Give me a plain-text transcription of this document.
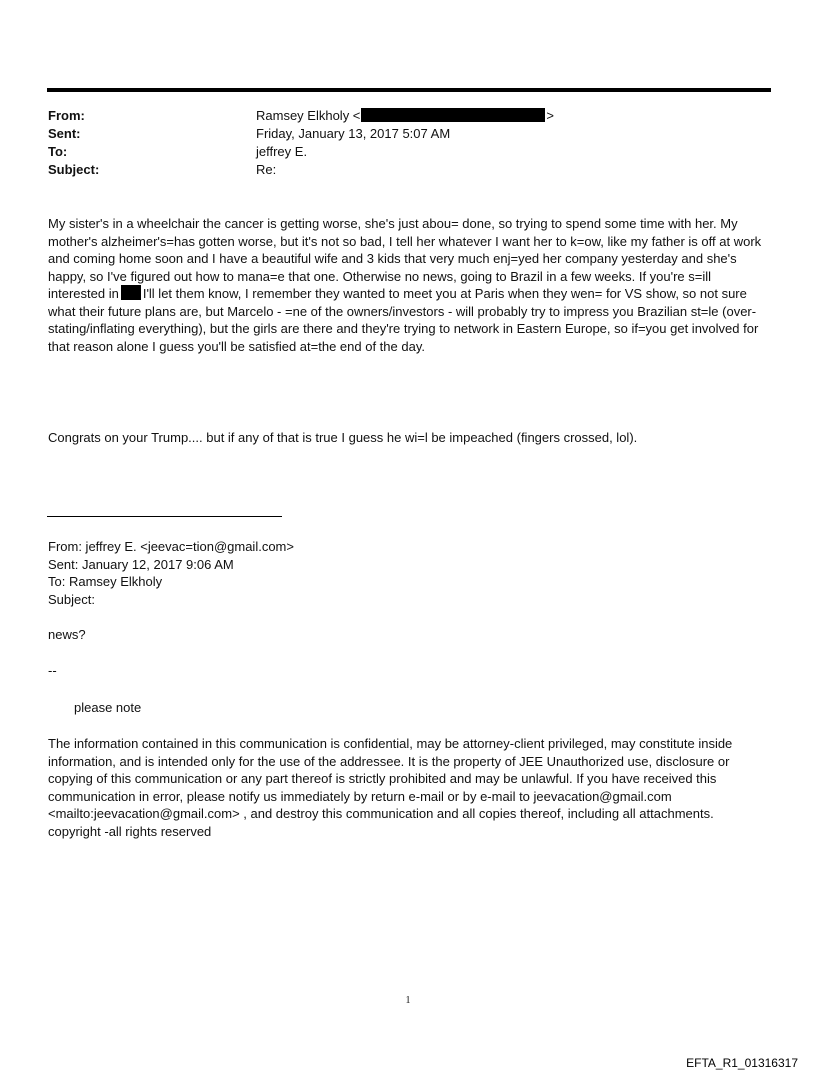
From:	Ramsey Elkholy <	>
Sent:	Friday, January 13, 2017 5:07 AM
To:	jeffrey E.
Subject:	Re:
My sister's in a wheelchair the cancer is getting worse, she's just abou= done, so trying to spend some time with her. My mother's alzheimer's=has gotten worse, but it's not so bad, I tell her whatever I want her to k=ow, like my father is off at work and coming home soon and I have a beautiful wife and 3 kids that very much enj=yed her company yesterday and she's happy, so I've figured out how to mana=e that one. Otherwise no news, going to Brazil in a few weeks. If you're s=ill interested in I'll let them know, I remember they wanted to meet you at Paris when they wen= for VS show, so not sure what their future plans are, but Marcelo - =ne of the owners/investors - will probably try to impress you Brazilian st=le (over-stating/inflating everything), but the girls are there and they're trying to network in Eastern Europe, so if=you get involved for that reason alone I guess you'll be satisfied at=the end of the day.
Congrats on your Trump.... but if any of that is true I guess he wi=l be impeached (fingers crossed, lol).
From: jeffrey E. <jeevac=tion@gmail.com>
Sent: January 12, 2017 9:06 AM
To: Ramsey Elkholy
Subject:
news?
--
please note
The information contained in this communication is confidential, may be attorney-client privileged, may constitute inside information, and is intended only for the use of the addressee. It is the property of JEE Unauthorized use, disclosure or copying of this communication or any part thereof is strictly prohibited and may be unlawful. If you have received this communication in error, please notify us immediately by return e-mail or by e-mail to jeevacation@gmail.com <mailto:jeevacation@gmail.com> , and destroy this communication and all copies thereof, including all attachments. copyright -all rights reserved
1
EFTA_R1_01316317
